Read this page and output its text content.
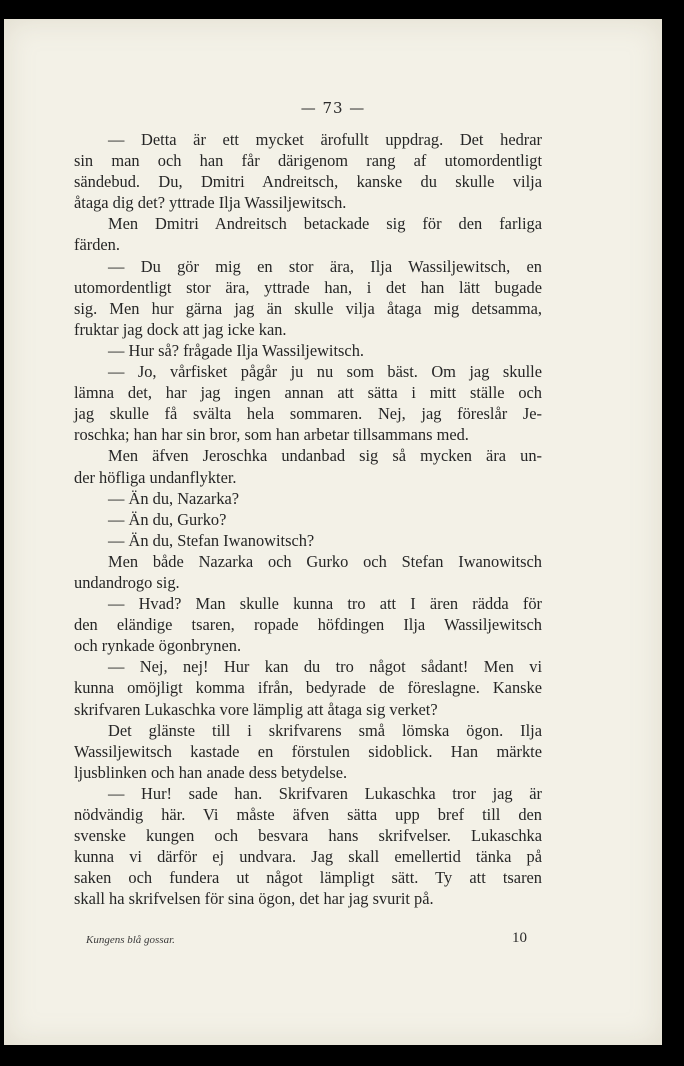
— 73 —
— Detta är ett mycket ärofullt uppdrag. Det hedrar
sin man och han får därigenom rang af utomordentligt
sändebud. Du, Dmitri Andreitsch, kanske du skulle vilja
åtaga dig det? yttrade Ilja Wassiljewitsch.
Men Dmitri Andreitsch betackade sig för den farliga
färden.
— Du gör mig en stor ära, Ilja Wassiljewitsch, en
utomordentligt stor ära, yttrade han, i det han lätt bugade
sig. Men hur gärna jag än skulle vilja åtaga mig detsamma,
fruktar jag dock att jag icke kan.
— Hur så? frågade Ilja Wassiljewitsch.
— Jo, vårfisket pågår ju nu som bäst. Om jag skulle
lämna det, har jag ingen annan att sätta i mitt ställe och
jag skulle få svälta hela sommaren. Nej, jag föreslår Je-
roschka; han har sin bror, som han arbetar tillsammans med.
Men äfven Jeroschka undanbad sig så mycken ära un-
der höfliga undanflykter.
— Än du, Nazarka?
— Än du, Gurko?
— Än du, Stefan Iwanowitsch?
Men både Nazarka och Gurko och Stefan Iwanowitsch
undandrogo sig.
— Hvad? Man skulle kunna tro att I ären rädda för
den eländige tsaren, ropade höfdingen Ilja Wassiljewitsch
och rynkade ögonbrynen.
— Nej, nej! Hur kan du tro något sådant! Men vi
kunna omöjligt komma ifrån, bedyrade de föreslagne. Kanske
skrifvaren Lukaschka vore lämplig att åtaga sig verket?
Det glänste till i skrifvarens små lömska ögon. Ilja
Wassiljewitsch kastade en förstulen sidoblick. Han märkte
ljusblinken och han anade dess betydelse.
— Hur! sade han. Skrifvaren Lukaschka tror jag är
nödvändig här. Vi måste äfven sätta upp bref till den
svenske kungen och besvara hans skrifvelser. Lukaschka
kunna vi därför ej undvara. Jag skall emellertid tänka på
saken och fundera ut något lämpligt sätt. Ty att tsaren
skall ha skrifvelsen för sina ögon, det har jag svurit på.
Kungens blå gossar.	10
